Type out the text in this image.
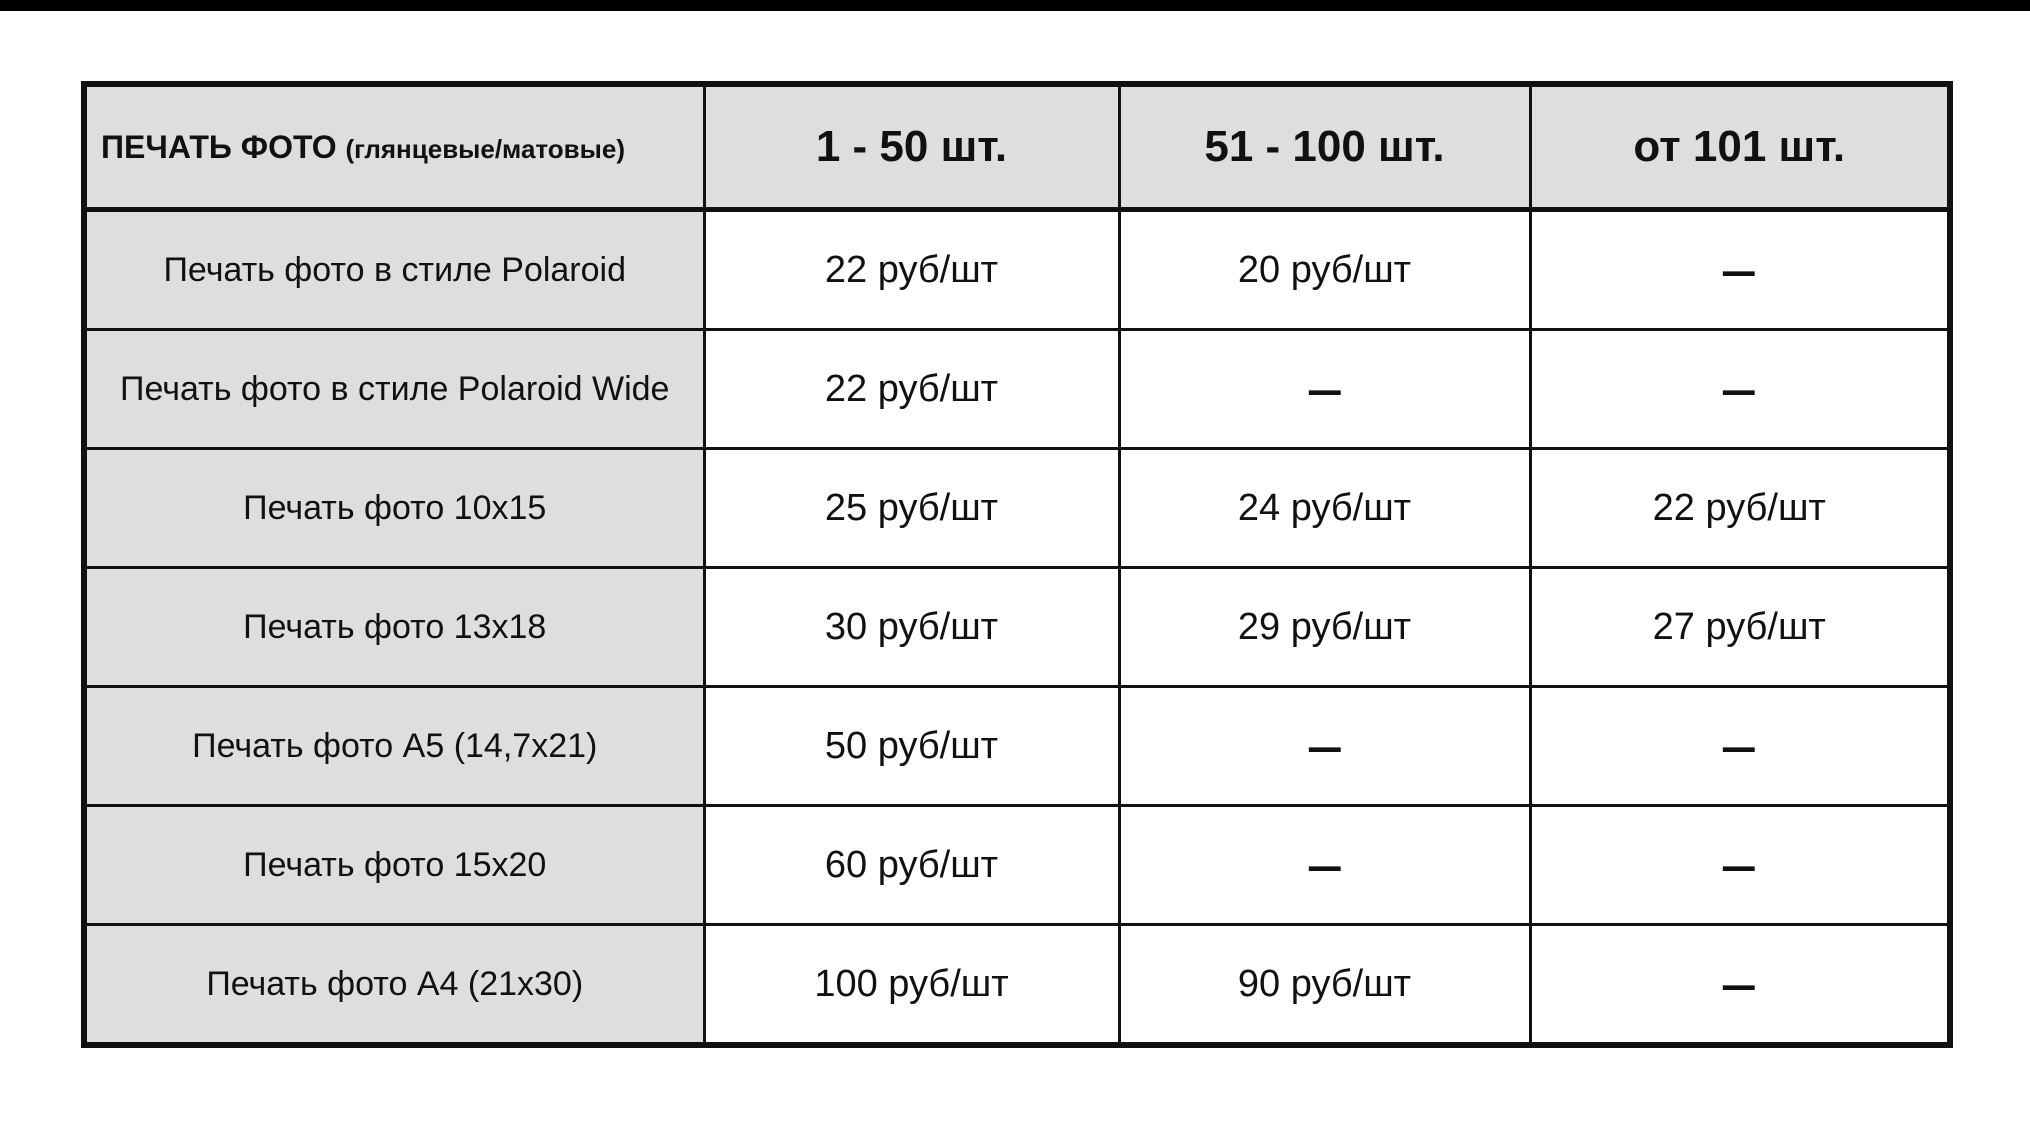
ПЕЧАТЬ ФОТО (глянцевые/матовые)	1 - 50 шт.	51 - 100 шт.	от 101 шт.
Печать фото в стиле Polaroid	22 руб/шт	20 руб/шт	–
Печать фото в стиле Polaroid Wide	22 руб/шт	–	–
Печать фото 10x15	25 руб/шт	24 руб/шт	22 руб/шт
Печать фото 13x18	30 руб/шт	29 руб/шт	27 руб/шт
Печать фото А5 (14,7x21)	50 руб/шт	–	–
Печать фото 15x20	60 руб/шт	–	–
Печать фото А4 (21x30)	100 руб/шт	90 руб/шт	–
